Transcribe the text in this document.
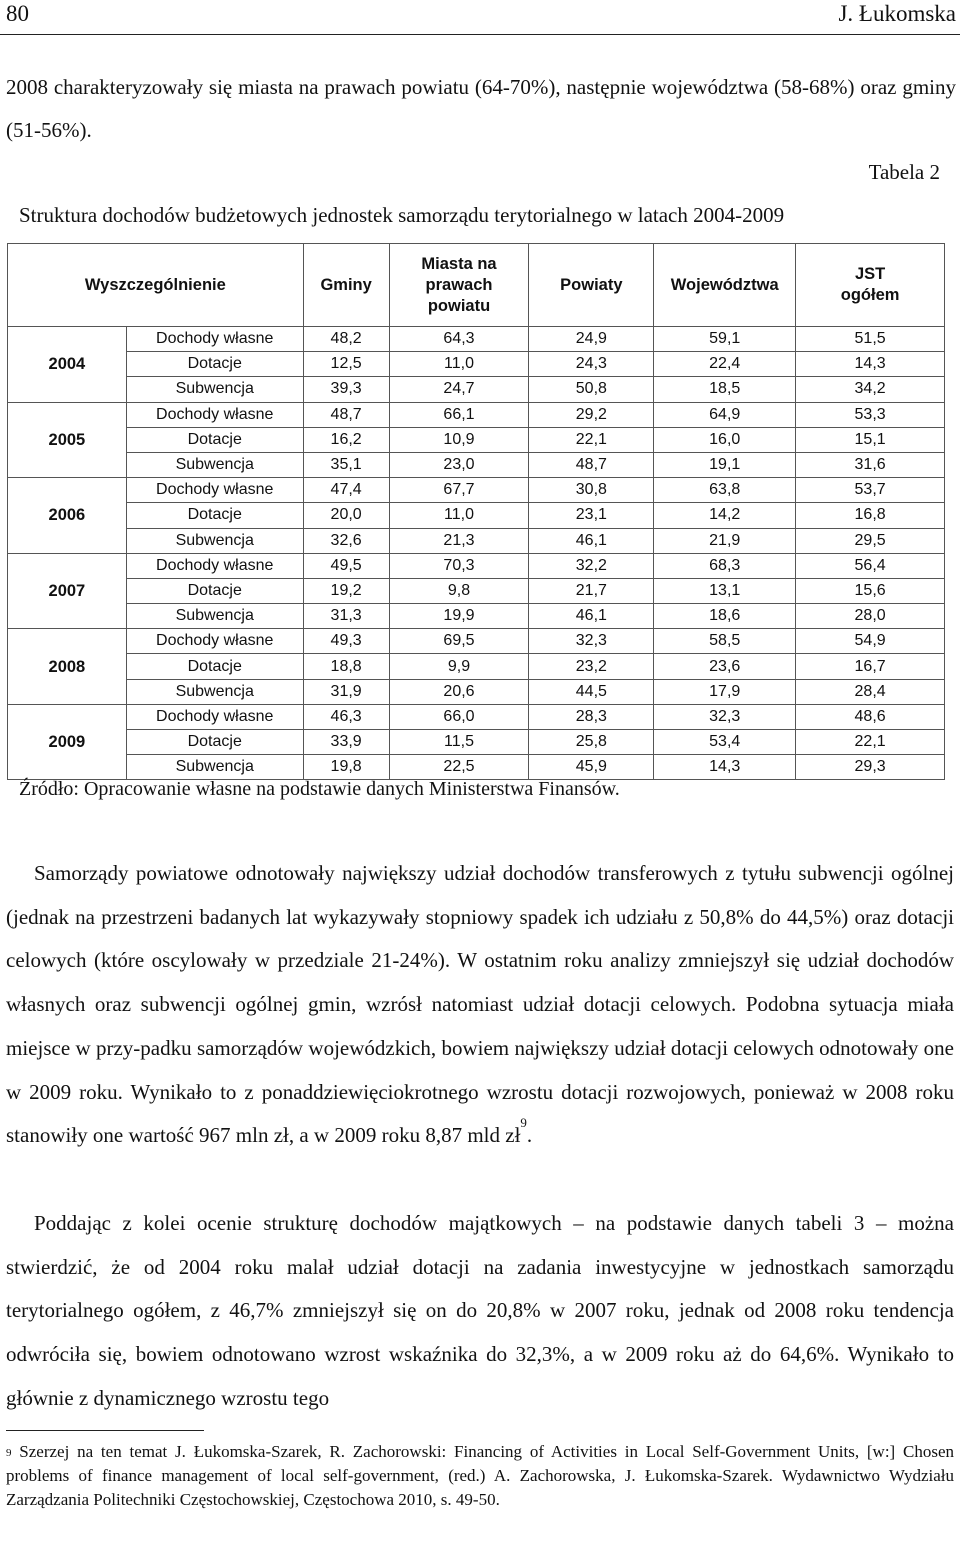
80	J. Łukomska
2008 charakteryzowały się miasta na prawach powiatu (64-70%), następnie województwa (58-68%) oraz gminy (51-56%).
Tabela 2
Struktura dochodów budżetowych jednostek samorządu terytorialnego w latach 2004-2009
Wyszczególnienie		Gminy	Miasta na
prawach
powiatu	Powiaty	Województwa	JST
ogółem
2004	Dochody własne	48,2	64,3	24,9	59,1	51,5
	Dotacje	12,5	11,0	24,3	22,4	14,3
	Subwencja	39,3	24,7	50,8	18,5	34,2
2005	Dochody własne	48,7	66,1	29,2	64,9	53,3
	Dotacje	16,2	10,9	22,1	16,0	15,1
	Subwencja	35,1	23,0	48,7	19,1	31,6
2006	Dochody własne	47,4	67,7	30,8	63,8	53,7
	Dotacje	20,0	11,0	23,1	14,2	16,8
	Subwencja	32,6	21,3	46,1	21,9	29,5
2007	Dochody własne	49,5	70,3	32,2	68,3	56,4
	Dotacje	19,2	9,8	21,7	13,1	15,6
	Subwencja	31,3	19,9	46,1	18,6	28,0
2008	Dochody własne	49,3	69,5	32,3	58,5	54,9
	Dotacje	18,8	9,9	23,2	23,6	16,7
	Subwencja	31,9	20,6	44,5	17,9	28,4
2009	Dochody własne	46,3	66,0	28,3	32,3	48,6
	Dotacje	33,9	11,5	25,8	53,4	22,1
	Subwencja	19,8	22,5	45,9	14,3	29,3
Źródło: Opracowanie własne na podstawie danych Ministerstwa Finansów.
Samorządy powiatowe odnotowały największy udział dochodów transferowych z tytułu subwencji ogólnej (jednak na przestrzeni badanych lat wykazywały stopniowy spadek ich udziału z 50,8% do 44,5%) oraz dotacji celowych (które oscylowały w przedziale 21-24%). W ostatnim roku analizy zmniejszył się udział dochodów własnych oraz subwencji ogólnej gmin, wzrósł natomiast udział dotacji celowych. Podobna sytuacja miała miejsce w przy-padku samorządów wojewódzkich, bowiem największy udział dotacji celowych odnotowały one w 2009 roku. Wynikało to z ponaddziewięciokrotnego wzrostu dotacji rozwojowych, ponieważ w 2008 roku stanowiły one wartość 967 mln zł, a w 2009 roku 8,87 mld zł$^9$.
Poddając z kolei ocenie strukturę dochodów majątkowych – na podstawie danych tabeli 3 – można stwierdzić, że od 2004 roku malał udział dotacji na zadania inwestycyjne w jednostkach samorządu terytorialnego ogółem, z 46,7% zmniejszył się on do 20,8% w 2007 roku, jednak od 2008 roku tendencja odwróciła się, bowiem odnotowano wzrost wskaźnika do 32,3%, a w 2009 roku aż do 64,6%. Wynikało to głównie z dynamicznego wzrostu tego
$^9$ Szerzej na ten temat J. Łukomska-Szarek, R. Zachorowski: Financing of Activities in Local Self-Government Units, [w:] Chosen problems of finance management of local self-government, (red.) A. Zachorowska, J. Łukomska-Szarek. Wydawnictwo Wydziału Zarządzania Politechniki Częstochowskiej, Częstochowa 2010, s. 49-50.
